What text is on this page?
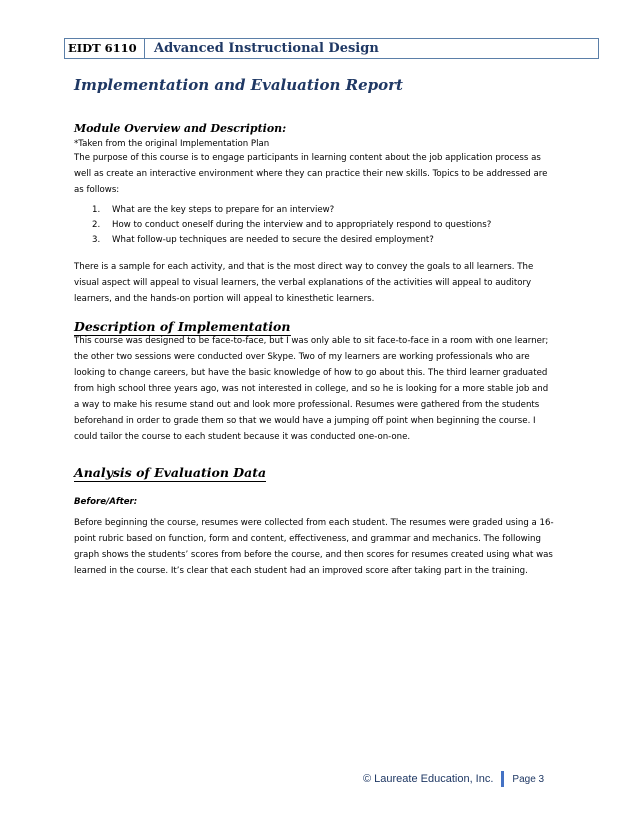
EIDT 6110	Advanced Instructional Design
Implementation and Evaluation Report
Module Overview and Description:

*Taken from the original Implementation Plan

The purpose of this course is to engage participants in learning content about the job application process as well as create an interactive environment where they can practice their new skills. Topics to be addressed are as follows:

1.	What are the key steps to prepare for an interview?
2.	How to conduct oneself during the interview and to appropriately respond to questions?
3.	What follow-up techniques are needed to secure the desired employment?

There is a sample for each activity, and that is the most direct way to convey the goals to all learners. The visual aspect will appeal to visual learners, the verbal explanations of the activities will appeal to auditory learners, and the hands-on portion will appeal to kinesthetic learners.

Description of Implementation

This course was designed to be face-to-face, but I was only able to sit face-to-face in a room with one learner; the other two sessions were conducted over Skype. Two of my learners are working professionals who are looking to change careers, but have the basic knowledge of how to go about this. The third learner graduated from high school three years ago, was not interested in college, and so he is looking for a more stable job and a way to make his resume stand out and look more professional. Resumes were gathered from the students beforehand in order to grade them so that we would have a jumping off point when beginning the course. I could tailor the course to each student because it was conducted one-on-one.

Analysis of Evaluation Data
Before/After:

Before beginning the course, resumes were collected from each student. The resumes were graded using a 16-point rubric based on function, form and content, effectiveness, and grammar and mechanics. The following graph shows the students’ scores from before the course, and then scores for resumes created using what was learned in the course. It’s clear that each student had an improved score after taking part in the training.

© Laureate Education, Inc. Page 3
